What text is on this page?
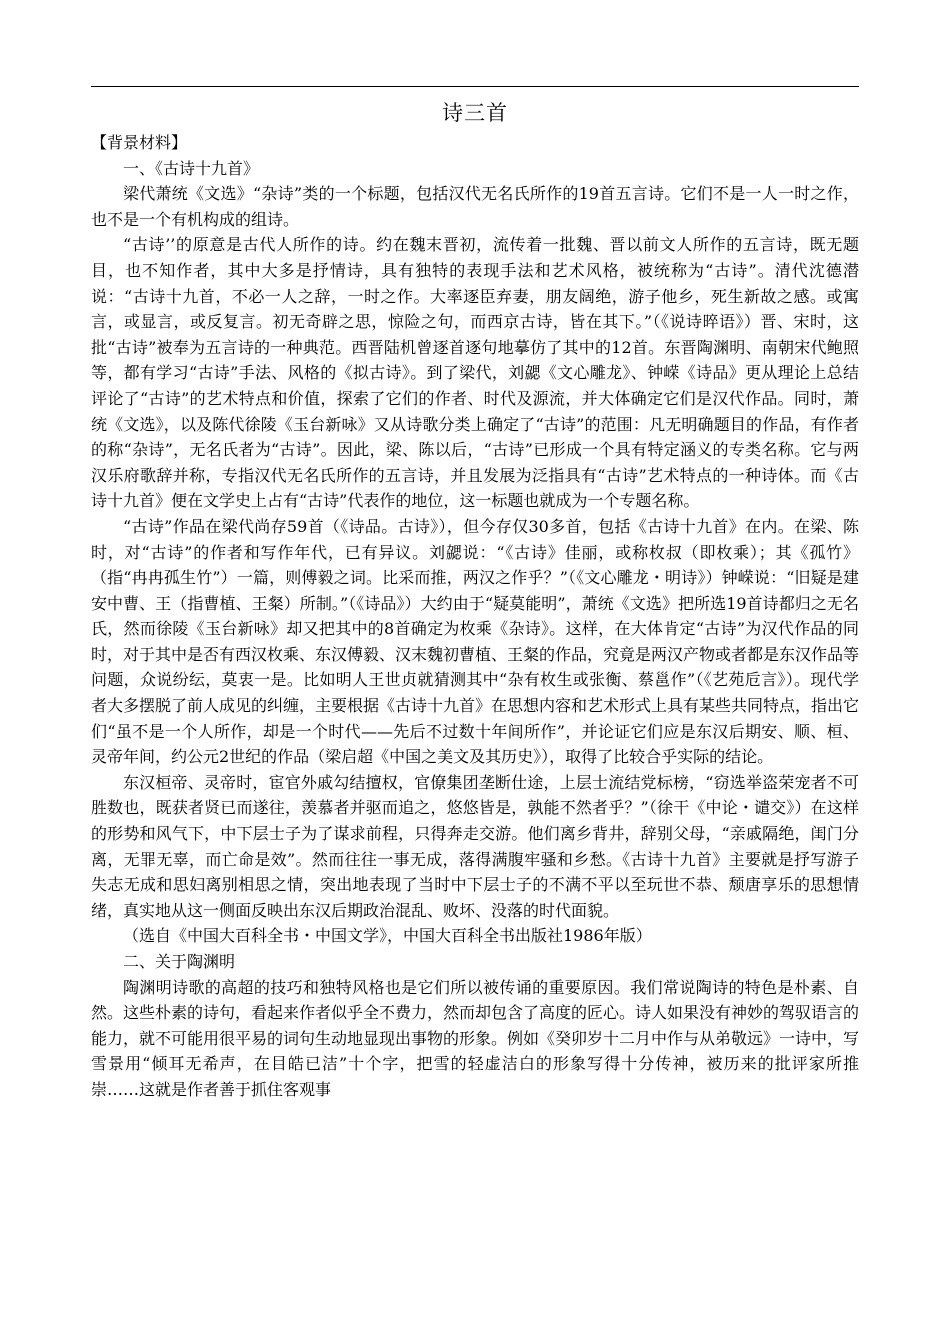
诗三首

【背景材料】

一、《古诗十九首》

梁代萧统《文选》“杂诗”类的一个标题，包括汉代无名氏所作的19首五言诗。它们不是一人一时之作，也不是一个有机构成的组诗。

“古诗’’的原意是古代人所作的诗。约在魏末晋初，流传着一批魏、晋以前文人所作的五言诗，既无题目，也不知作者，其中大多是抒情诗，具有独特的表现手法和艺术风格，被统称为“古诗”。清代沈德潜说：“古诗十九首，不必一人之辞，一时之作。大率逐臣弃妻，朋友阔绝，游子他乡，死生新故之感。或寓言，或显言，或反复言。初无奇辟之思，惊险之句，而西京古诗，皆在其下。”（《说诗晬语》）晋、宋时，这批“古诗”被奉为五言诗的一种典范。西晋陆机曾逐首逐句地摹仿了其中的12首。东晋陶渊明、南朝宋代鲍照等，都有学习“古诗”手法、风格的《拟古诗》。到了梁代，刘勰《文心雕龙》、钟嵘《诗品》更从理论上总结评论了“古诗”的艺术特点和价值，探索了它们的作者、时代及源流，并大体确定它们是汉代作品。同时，萧统《文选》，以及陈代徐陵《玉台新咏》又从诗歌分类上确定了“古诗”的范围：凡无明确题目的作品，有作者的称“杂诗”，无名氏者为“古诗”。因此，梁、陈以后，“古诗”已形成一个具有特定涵义的专类名称。它与两汉乐府歌辞并称，专指汉代无名氏所作的五言诗，并且发展为泛指具有“古诗”艺术特点的一种诗体。而《古诗十九首》便在文学史上占有“古诗”代表作的地位，这一标题也就成为一个专题名称。

“古诗”作品在梁代尚存59首（《诗品。古诗》），但今存仅30多首，包括《古诗十九首》在内。在梁、陈时，对“古诗”的作者和写作年代，已有异议。刘勰说：“《古诗》佳丽，或称枚叔（即枚乘）；其《孤竹》（指“冉冉孤生竹”）一篇，则傅毅之词。比采而推，两汉之作乎？”（《文心雕龙・明诗》）钟嵘说：“旧疑是建安中曹、王（指曹植、王粲）所制。”（《诗品》）大约由于“疑莫能明”，萧统《文选》把所选19首诗都归之无名氏，然而徐陵《玉台新咏》却又把其中的8首确定为枚乘《杂诗》。这样，在大体肯定“古诗”为汉代作品的同时，对于其中是否有西汉枚乘、东汉傅毅、汉末魏初曹植、王粲的作品，究竟是两汉产物或者都是东汉作品等问题，众说纷纭，莫衷一是。比如明人王世贞就猜测其中“杂有枚生或张衡、蔡邕作”（《艺苑卮言》）。现代学者大多摆脱了前人成见的纠缠，主要根据《古诗十九首》在思想内容和艺术形式上具有某些共同特点，指出它们“虽不是一个人所作，却是一个时代——先后不过数十年间所作”，并论证它们应是东汉后期安、顺、桓、灵帝年间，约公元2世纪的作品（梁启超《中国之美文及其历史》），取得了比较合乎实际的结论。

东汉桓帝、灵帝时，宦官外戚勾结擅权，官僚集团垄断仕途，上层士流结党标榜，“窃选举盗荣宠者不可胜数也，既获者贤已而遂往，羡慕者并驱而追之，悠悠皆是，孰能不然者乎？”（徐干《中论・谴交》）在这样的形势和风气下，中下层士子为了谋求前程，只得奔走交游。他们离乡背井，辞别父母，“亲戚隔绝，闺门分离，无罪无辜，而亡命是效”。然而往往一事无成，落得满腹牢骚和乡愁。《古诗十九首》主要就是抒写游子失志无成和思妇离别相思之情，突出地表现了当时中下层士子的不满不平以至玩世不恭、颓唐享乐的思想情绪，真实地从这一侧面反映出东汉后期政治混乱、败坏、没落的时代面貌。

（选自《中国大百科全书・中国文学》，中国大百科全书出版社1986年版）

二、关于陶渊明

陶渊明诗歌的高超的技巧和独特风格也是它们所以被传诵的重要原因。我们常说陶诗的特色是朴素、自然。这些朴素的诗句，看起来作者似乎全不费力，然而却包含了高度的匠心。诗人如果没有神妙的驾驭语言的能力，就不可能用很平易的词句生动地显现出事物的形象。例如《癸卯岁十二月中作与从弟敬远》一诗中，写雪景用“倾耳无希声，在目皓已洁”十个字，把雪的轻虚洁白的形象写得十分传神，被历来的批评家所推崇……这就是作者善于抓住客观事
